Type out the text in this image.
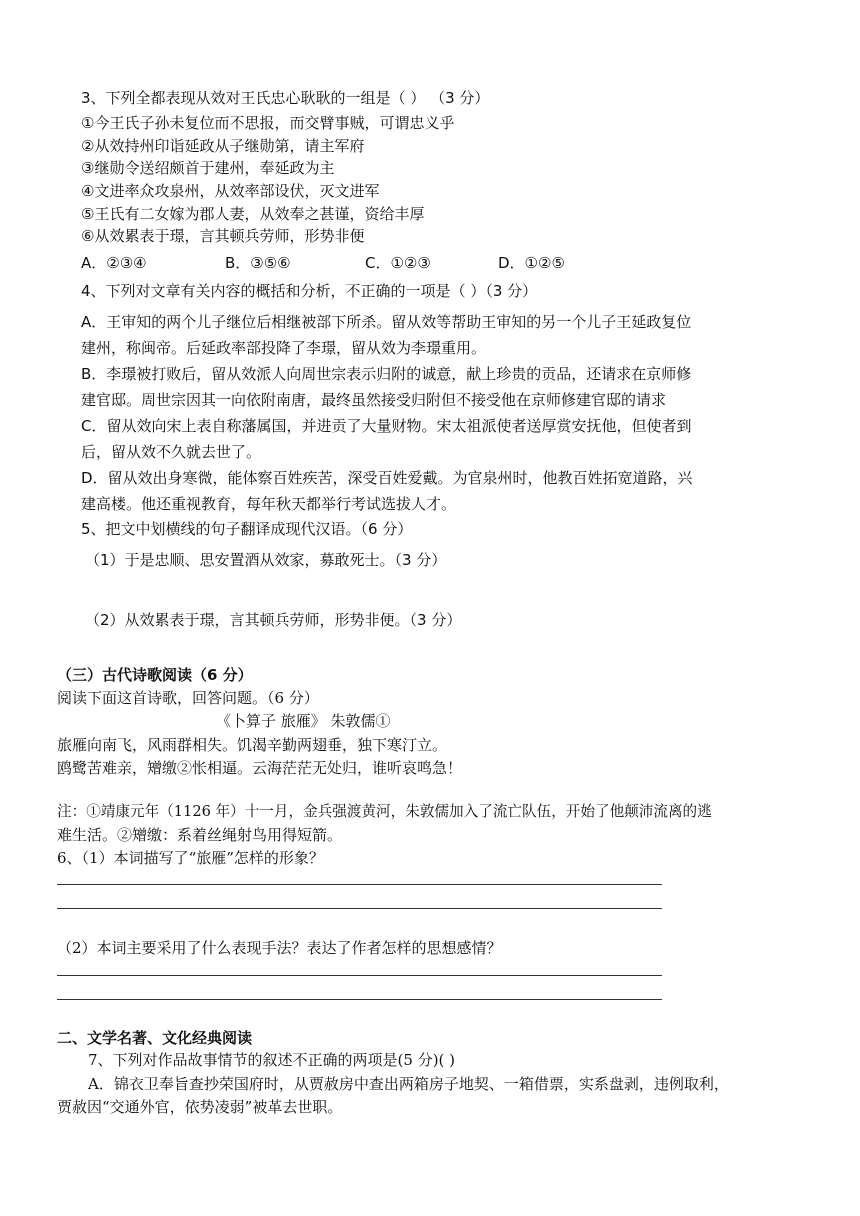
3、下列全都表现从效对王氏忠心耿耿的一组是（ ） （3 分）
①今王氏子孙未复位而不思报，而交臂事贼，可谓忠义乎
②从效持州印诣延政从子继勋第，请主军府
③继勋令送绍颇首于建州，奉延政为主
④文进率众攻泉州，从效率部设伏，灭文进军
⑤王氏有二女嫁为郡人妻，从效奉之甚谨，资给丰厚
⑥从效累表于璟，言其顿兵劳师，形势非便
A．②③④	B．③⑤⑥	C．①②③	D．①②⑤
4、下列对文章有关内容的概括和分析，不正确的一项是（ ）（3 分）
A．王审知的两个儿子继位后相继被部下所杀。留从效等帮助王审知的另一个儿子王延政复位
建州，称闽帝。后延政率部投降了李璟，留从效为李璟重用。
B．李璟被打败后，留从效派人向周世宗表示归附的诚意，献上珍贵的贡品，还请求在京师修
建官邸。周世宗因其一向依附南唐，最终虽然接受归附但不接受他在京师修建官邸的请求
C．留从效向宋上表自称藩属国，并进贡了大量财物。宋太祖派使者送厚赏安抚他，但使者到
后，留从效不久就去世了。
D．留从效出身寒微，能体察百姓疾苦，深受百姓爱戴。为官泉州时，他教百姓拓宽道路，兴
建高楼。他还重视教育，每年秋天都举行考试选拔人才。
5、把文中划横线的句子翻译成现代汉语。（6 分）
（1）于是忠顺、思安置酒从效家，募敢死士。（3 分）
（2）从效累表于璟，言其顿兵劳师，形势非便。（3 分）
（三）古代诗歌阅读（6 分）
阅读下面这首诗歌，回答问题。（6 分）
《卜算子 旅雁》 朱敦儒①
旅雁向南飞，风雨群相失。饥渴辛勤两翅垂，独下寒汀立。
鸥鹭苦难亲，矰缴②怅相逼。云海茫茫无处归，谁听哀鸣急！
注：①靖康元年（1126 年）十一月，金兵强渡黄河，朱敦儒加入了流亡队伍，开始了他颠沛流离的逃
难生活。②矰缴：系着丝绳射鸟用得短箭。
6、（1）本词描写了“旅雁”怎样的形象？
（2）本词主要采用了什么表现手法？表达了作者怎样的思想感情？
二、文学名著、文化经典阅读
7、下列对作品故事情节的叙述不正确的两项是(5 分)( )
A．锦衣卫奉旨查抄荣国府时，从贾赦房中查出两箱房子地契、一箱借票，实系盘剥，违例取利，
贾赦因“交通外官，依势凌弱”被革去世职。
